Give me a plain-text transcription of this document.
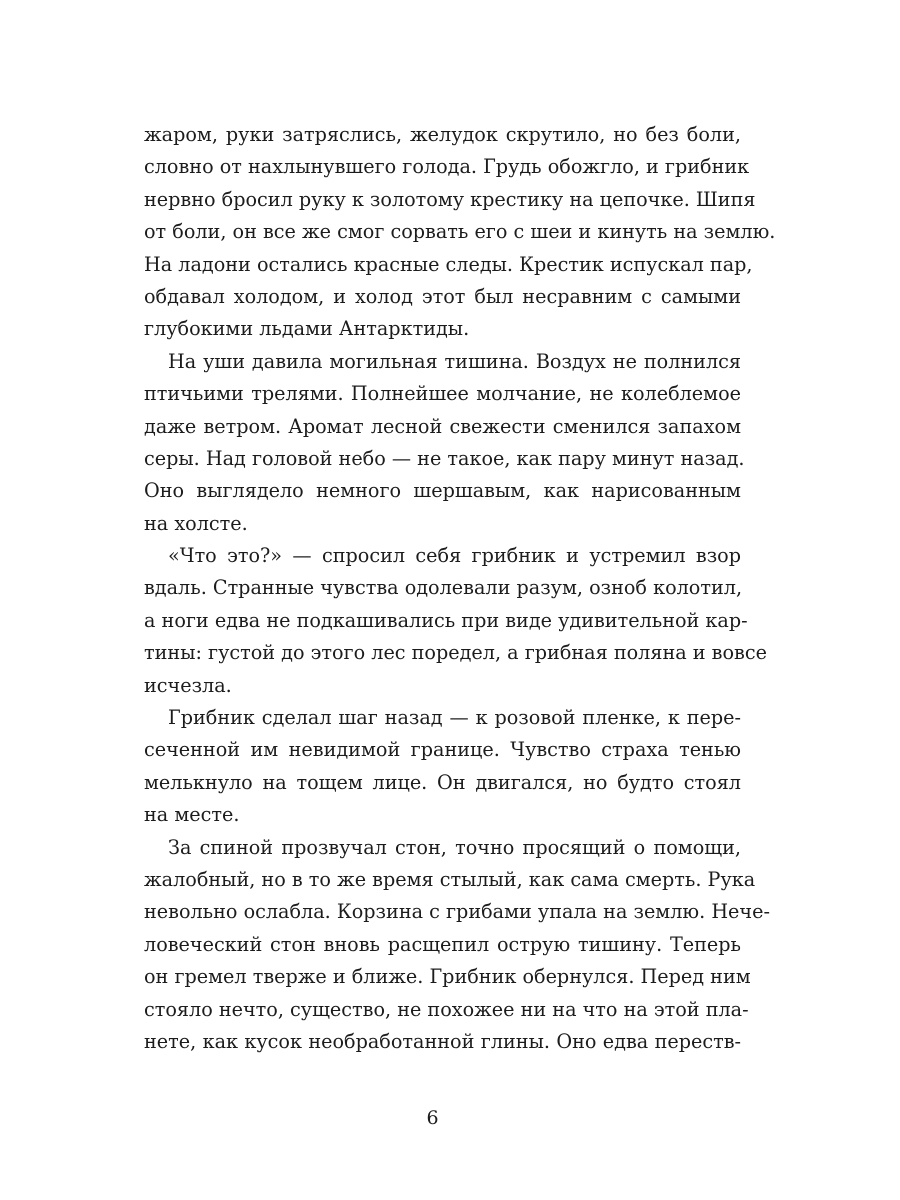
жаром, руки затряслись, желудок скрутило, но без боли,
словно от нахлынувшего голода. Грудь обожгло, и грибник
нервно бросил руку к золотому крестику на цепочке. Шипя
от боли, он все же смог сорвать его с шеи и кинуть на землю.
На ладони остались красные следы. Крестик испускал пар,
обдавал холодом, и холод этот был несравним с самыми
глубокими льдами Антарктиды.
На уши давила могильная тишина. Воздух не полнился
птичьими трелями. Полнейшее молчание, не колеблемое
даже ветром. Аромат лесной свежести сменился запахом
серы. Над головой небо — не такое, как пару минут назад.
Оно выглядело немного шершавым, как нарисованным
на холсте.
«Что это?» — спросил себя грибник и устремил взор
вдаль. Странные чувства одолевали разум, озноб колотил,
а ноги едва не подкашивались при виде удивительной кар-
тины: густой до этого лес поредел, а грибная поляна и вовсе
исчезла.
Грибник сделал шаг назад — к розовой пленке, к пере-
сеченной им невидимой границе. Чувство страха тенью
мелькнуло на тощем лице. Он двигался, но будто стоял
на месте.
За спиной прозвучал стон, точно просящий о помощи,
жалобный, но в то же время стылый, как сама смерть. Рука
невольно ослабла. Корзина с грибами упала на землю. Нече-
ловеческий стон вновь расщепил острую тишину. Теперь
он гремел тверже и ближе. Грибник обернулся. Перед ним
стояло нечто, существо, не похожее ни на что на этой пла-
нете, как кусок необработанной глины. Оно едва переств-
6
